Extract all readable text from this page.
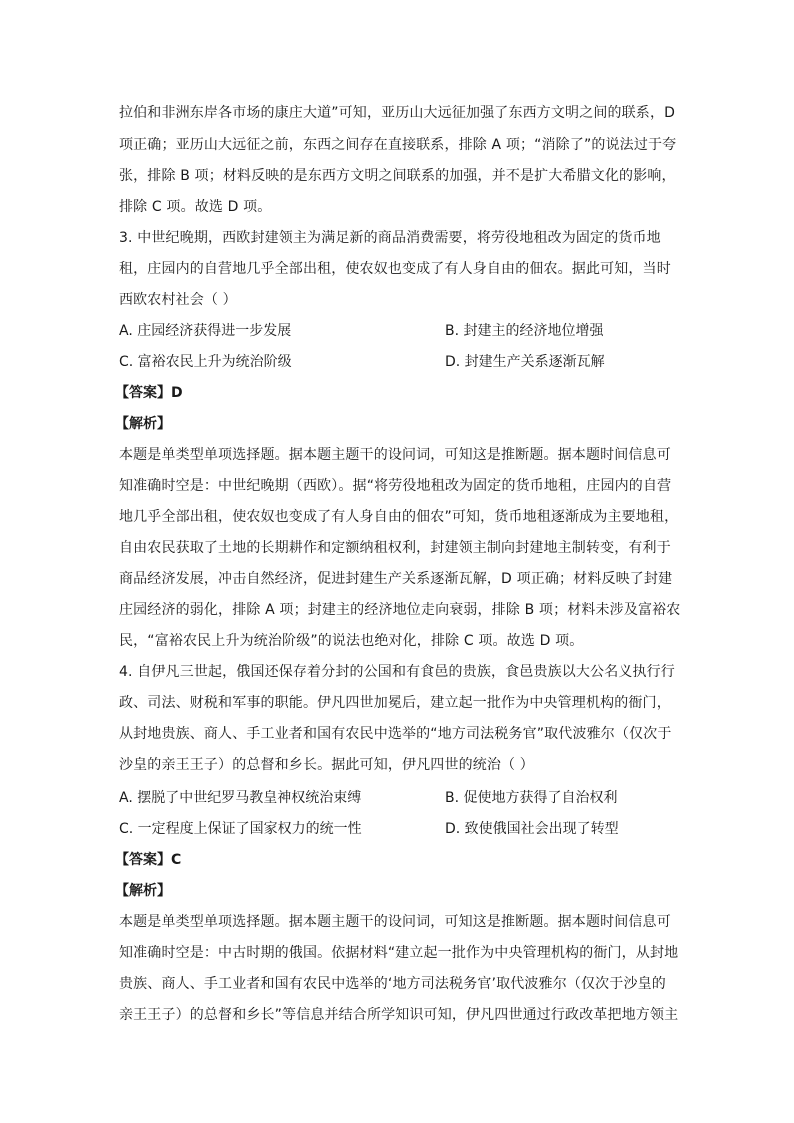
拉伯和非洲东岸各市场的康庄大道”可知，亚历山大远征加强了东西方文明之间的联系，D
项正确；亚历山大远征之前，东西之间存在直接联系，排除 A 项；“消除了”的说法过于夸
张，排除 B 项；材料反映的是东西方文明之间联系的加强，并不是扩大希腊文化的影响，
排除 C 项。故选 D 项。
3. 中世纪晚期，西欧封建领主为满足新的商品消费需要，将劳役地租改为固定的货币地
租，庄园内的自营地几乎全部出租，使农奴也变成了有人身自由的佃农。据此可知，当时
西欧农村社会（ ）
A. 庄园经济获得进一步发展	B. 封建主的经济地位增强
C. 富裕农民上升为统治阶级	D. 封建生产关系逐渐瓦解
【答案】D
【解析】
本题是单类型单项选择题。据本题主题干的设问词，可知这是推断题。据本题时间信息可
知准确时空是：中世纪晚期（西欧）。据“将劳役地租改为固定的货币地租，庄园内的自营
地几乎全部出租，使农奴也变成了有人身自由的佃农”可知，货币地租逐渐成为主要地租，
自由农民获取了土地的长期耕作和定额纳租权利，封建领主制向封建地主制转变，有利于
商品经济发展，冲击自然经济，促进封建生产关系逐渐瓦解，D 项正确；材料反映了封建
庄园经济的弱化，排除 A 项；封建主的经济地位走向衰弱，排除 B 项；材料未涉及富裕农
民，“富裕农民上升为统治阶级”的说法也绝对化，排除 C 项。故选 D 项。
4. 自伊凡三世起，俄国还保存着分封的公国和有食邑的贵族，食邑贵族以大公名义执行行
政、司法、财税和军事的职能。伊凡四世加冕后，建立起一批作为中央管理机构的衙门，
从封地贵族、商人、手工业者和国有农民中选举的“地方司法税务官”取代波雅尔（仅次于
沙皇的亲王王子）的总督和乡长。据此可知，伊凡四世的统治（ ）
A. 摆脱了中世纪罗马教皇神权统治束缚	B. 促使地方获得了自治权利
C. 一定程度上保证了国家权力的统一性	D. 致使俄国社会出现了转型
【答案】C
【解析】
本题是单类型单项选择题。据本题主题干的设问词，可知这是推断题。据本题时间信息可
知准确时空是：中古时期的俄国。依据材料“建立起一批作为中央管理机构的衙门，从封地
贵族、商人、手工业者和国有农民中选举的‘地方司法税务官’取代波雅尔（仅次于沙皇的
亲王王子）的总督和乡长”等信息并结合所学知识可知，伊凡四世通过行政改革把地方领主
